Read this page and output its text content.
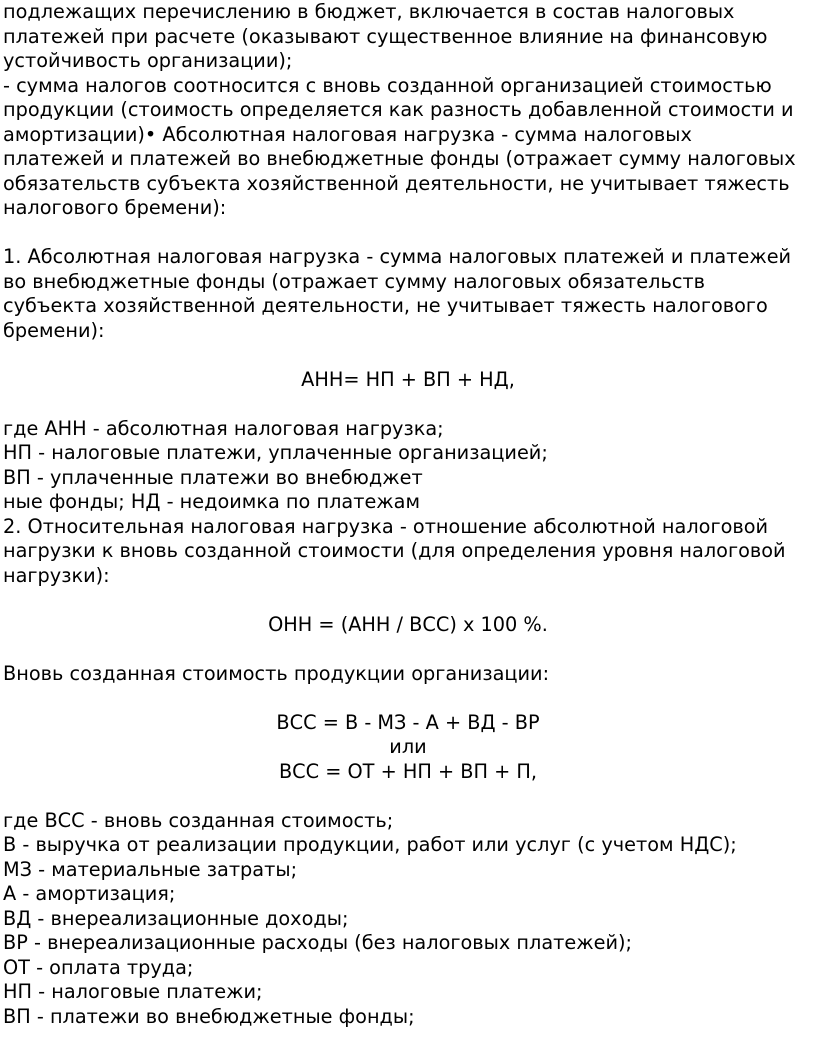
подлежащих перечислению в бюджет, включается в состав налоговых
платежей при расчете (оказывают существенное влияние на финансовую
устойчивость организации);
- сумма налогов соотносится с вновь созданной организацией стоимостью
продукции (стоимость определяется как разность добавленной стоимости и
амортизации)• Абсолютная налоговая нагрузка - сумма налоговых
платежей и платежей во внебюджетные фонды (отражает сумму налоговых
обязательств субъекта хозяйственной деятельности, не учитывает тяжесть
налогового бремени):
1. Абсолютная налоговая нагрузка - сумма налоговых платежей и платежей
во внебюджетные фонды (отражает сумму налоговых обязательств
субъекта хозяйственной деятельности, не учитывает тяжесть налогового
бремени):
АНН= НП + ВП + НД,
где АНН - абсолютная налоговая нагрузка;
НП - налоговые платежи, уплаченные организацией;
ВП - уплаченные платежи во внебюджет
ные фонды; НД - недоимка по платежам
2. Относительная налоговая нагрузка - отношение абсолютной налоговой
нагрузки к вновь созданной стоимости (для определения уровня налоговой
нагрузки):
ОНН = (АНН / ВСС) х 100 %.
Вновь созданная стоимость продукции организации:
ВСС = В - МЗ - А + ВД - ВР
или
ВСС = ОТ + НП + ВП + П,
где ВСС - вновь созданная стоимость;
В - выручка от реализации продукции, работ или услуг (с учетом НДС);
МЗ - материальные затраты;
А - амортизация;
ВД - внереализационные доходы;
ВР - внереализационные расходы (без налоговых платежей);
ОТ - оплата труда;
НП - налоговые платежи;
ВП - платежи во внебюджетные фонды;
